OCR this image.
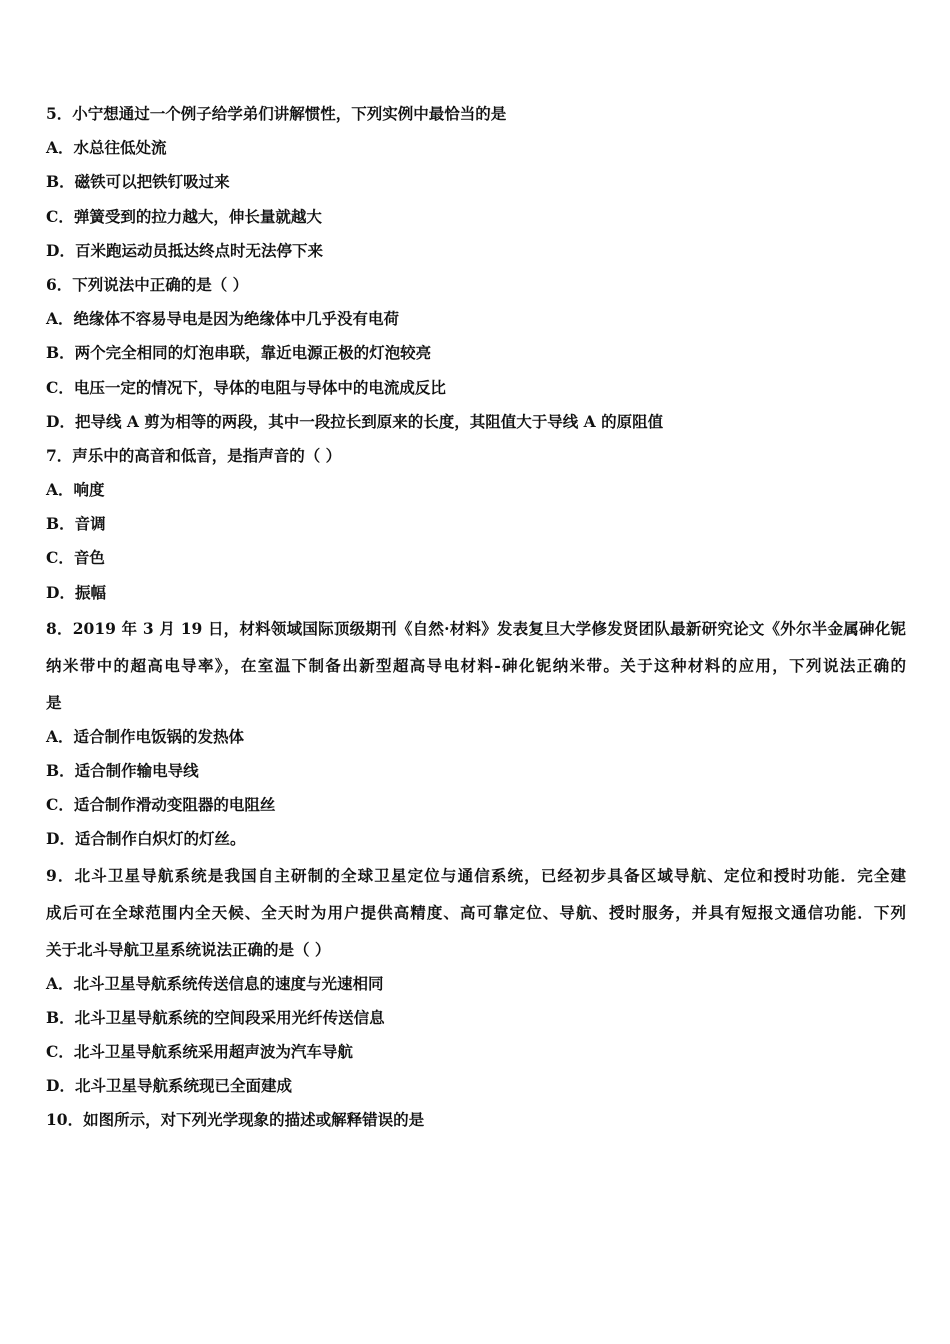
5．小宁想通过一个例子给学弟们讲解惯性，下列实例中最恰当的是
A．水总往低处流
B．磁铁可以把铁钉吸过来
C．弹簧受到的拉力越大，伸长量就越大
D．百米跑运动员抵达终点时无法停下来
6．下列说法中正确的是（ ）
A．绝缘体不容易导电是因为绝缘体中几乎没有电荷
B．两个完全相同的灯泡串联，靠近电源正极的灯泡较亮
C．电压一定的情况下，导体的电阻与导体中的电流成反比
D．把导线 A 剪为相等的两段，其中一段拉长到原来的长度，其阻值大于导线 A 的原阻值
7．声乐中的高音和低音，是指声音的（ ）
A．响度
B．音调
C．音色
D．振幅
8．2019 年 3 月 19 日，材料领域国际顶级期刊《自然·材料》发表复旦大学修发贤团队最新研究论文《外尔半金属砷化铌
纳米带中的超高电导率》，在室温下制备出新型超高导电材料-砷化铌纳米带。关于这种材料的应用，下列说法正确的
是
A．适合制作电饭锅的发热体
B．适合制作输电导线
C．适合制作滑动变阻器的电阻丝
D．适合制作白炽灯的灯丝。
9．北斗卫星导航系统是我国自主研制的全球卫星定位与通信系统，已经初步具备区域导航、定位和授时功能．完全建
成后可在全球范围内全天候、全天时为用户提供高精度、高可靠定位、导航、授时服务，并具有短报文通信功能．下列
关于北斗导航卫星系统说法正确的是（ ）
A．北斗卫星导航系统传送信息的速度与光速相同
B．北斗卫星导航系统的空间段采用光纤传送信息
C．北斗卫星导航系统采用超声波为汽车导航
D．北斗卫星导航系统现已全面建成
10．如图所示，对下列光学现象的描述或解释错误的是
